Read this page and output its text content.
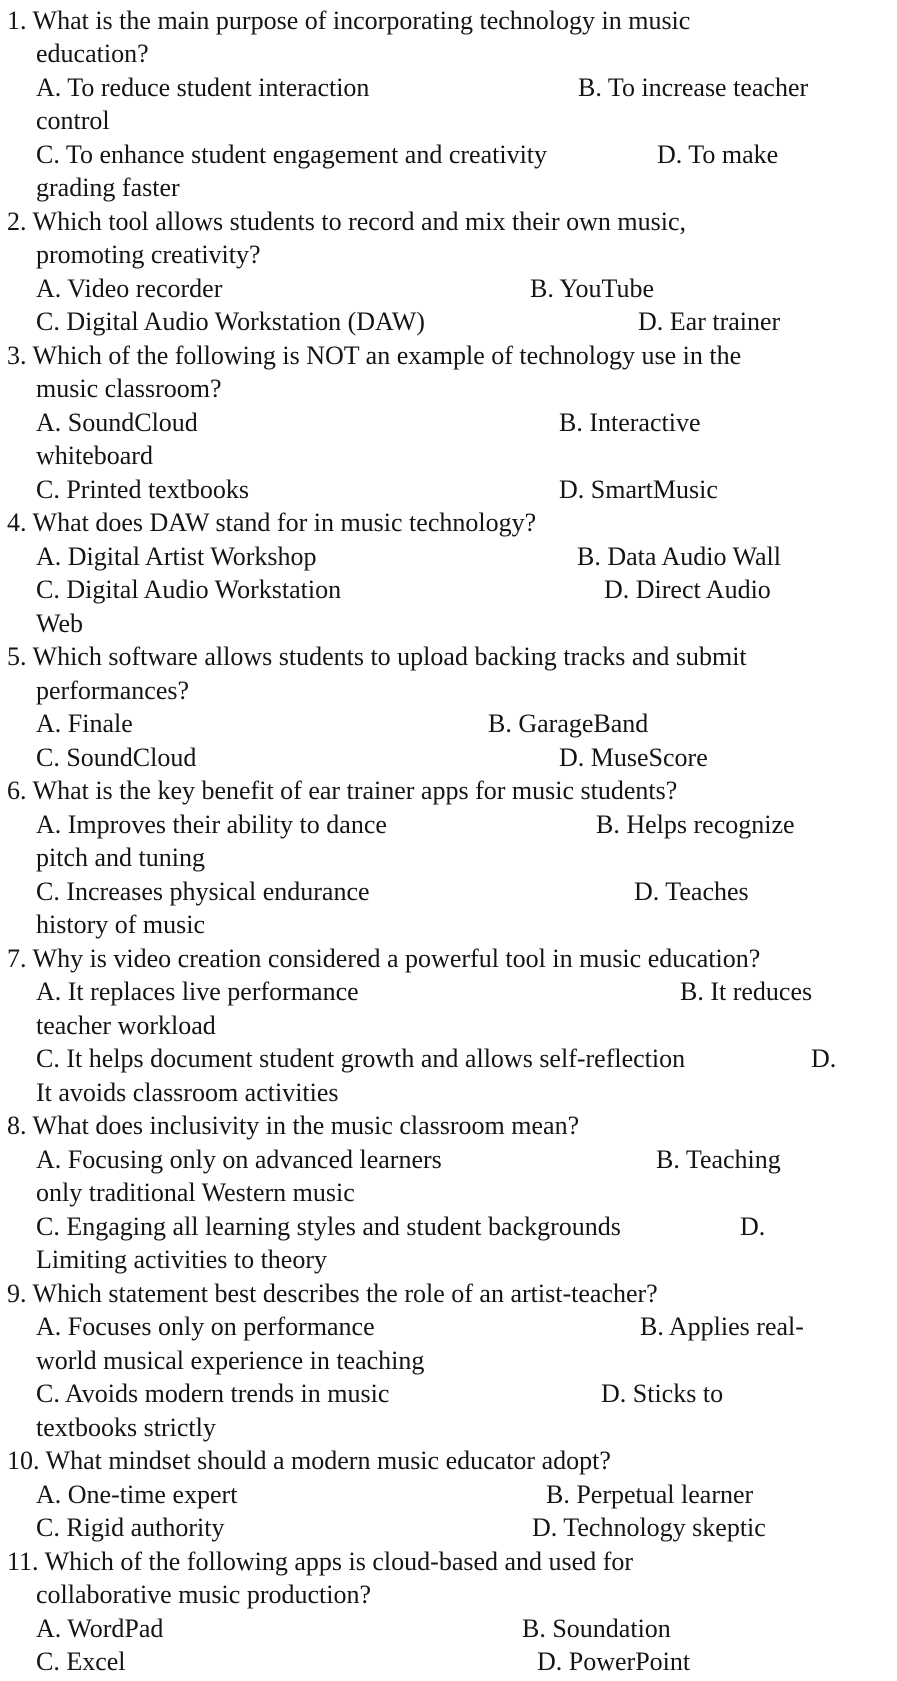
1. What is the main purpose of incorporating technology in music
education?
A. To reduce student interaction	B. To increase teacher
control
C. To enhance student engagement and creativity	D. To make
grading faster
2. Which tool allows students to record and mix their own music,
promoting creativity?
A. Video recorder	B. YouTube
C. Digital Audio Workstation (DAW)	D. Ear trainer
3. Which of the following is NOT an example of technology use in the
music classroom?
A. SoundCloud	B. Interactive
whiteboard
C. Printed textbooks	D. SmartMusic
4. What does DAW stand for in music technology?
A. Digital Artist Workshop	B. Data Audio Wall
C. Digital Audio Workstation	D. Direct Audio
Web
5. Which software allows students to upload backing tracks and submit
performances?
A. Finale	B. GarageBand
C. SoundCloud	D. MuseScore
6. What is the key benefit of ear trainer apps for music students?
A. Improves their ability to dance	B. Helps recognize
pitch and tuning
C. Increases physical endurance	D. Teaches
history of music
7. Why is video creation considered a powerful tool in music education?
A. It replaces live performance	B. It reduces
teacher workload
C. It helps document student growth and allows self-reflection	D.
It avoids classroom activities
8. What does inclusivity in the music classroom mean?
A. Focusing only on advanced learners	B. Teaching
only traditional Western music
C. Engaging all learning styles and student backgrounds	D.
Limiting activities to theory
9. Which statement best describes the role of an artist-teacher?
A. Focuses only on performance	B. Applies real-
world musical experience in teaching
C. Avoids modern trends in music	D. Sticks to
textbooks strictly
10. What mindset should a modern music educator adopt?
A. One-time expert	B. Perpetual learner
C. Rigid authority	D. Technology skeptic
11. Which of the following apps is cloud-based and used for
collaborative music production?
A. WordPad	B. Soundation
C. Excel	D. PowerPoint
